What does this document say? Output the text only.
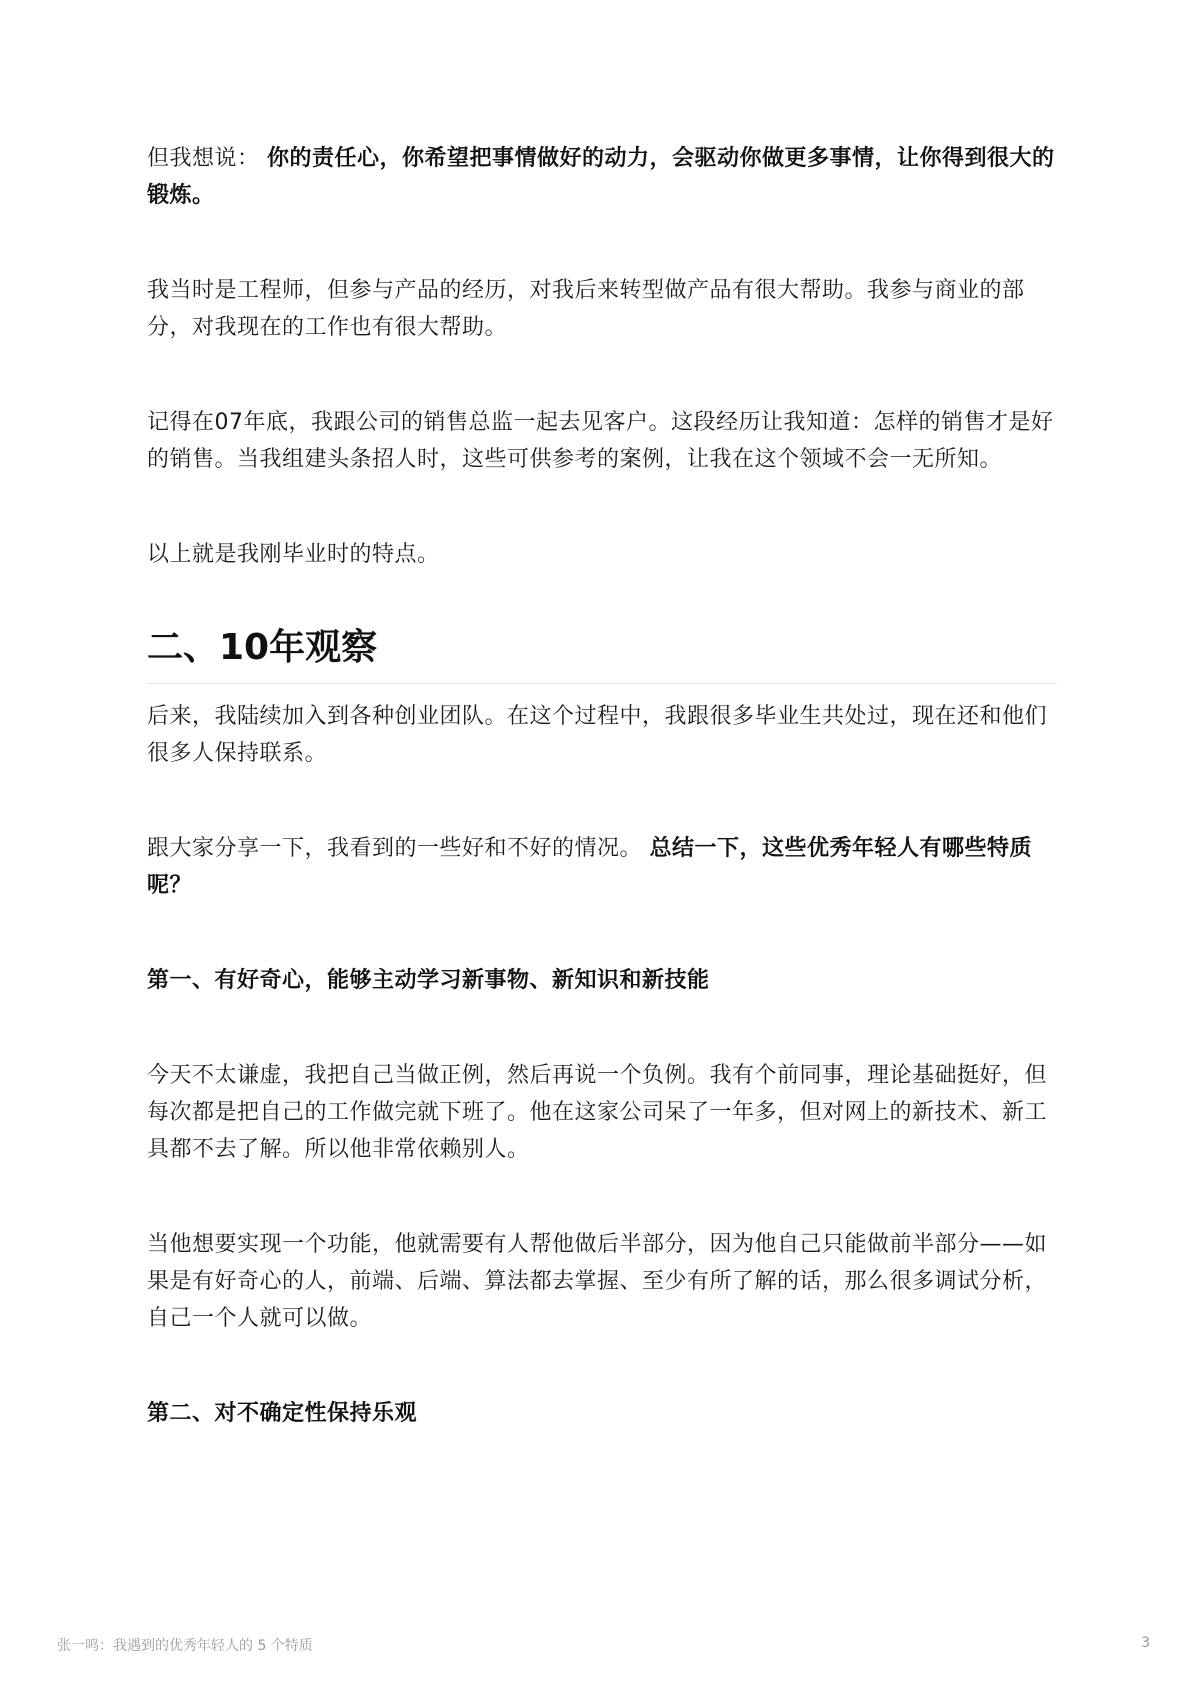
但我想说： 你的责任心，你希望把事情做好的动力，会驱动你做更多事情，让你得到很大的锻炼。

我当时是工程师，但参与产品的经历，对我后来转型做产品有很大帮助。我参与商业的部分，对我现在的工作也有很大帮助。

记得在07年底，我跟公司的销售总监一起去见客户。这段经历让我知道：怎样的销售才是好的销售。当我组建头条招人时，这些可供参考的案例，让我在这个领域不会一无所知。

以上就是我刚毕业时的特点。

二、10年观察

后来，我陆续加入到各种创业团队。在这个过程中，我跟很多毕业生共处过，现在还和他们很多人保持联系。

跟大家分享一下，我看到的一些好和不好的情况。 总结一下，这些优秀年轻人有哪些特质呢？

第一、有好奇心，能够主动学习新事物、新知识和新技能

今天不太谦虚，我把自己当做正例，然后再说一个负例。我有个前同事，理论基础挺好，但每次都是把自己的工作做完就下班了。他在这家公司呆了一年多，但对网上的新技术、新工具都不去了解。所以他非常依赖别人。

当他想要实现一个功能，他就需要有人帮他做后半部分，因为他自己只能做前半部分——如果是有好奇心的人，前端、后端、算法都去掌握、至少有所了解的话，那么很多调试分析，自己一个人就可以做。

第二、对不确定性保持乐观

张一鸣：我遇到的优秀年轻人的 5 个特质	3
